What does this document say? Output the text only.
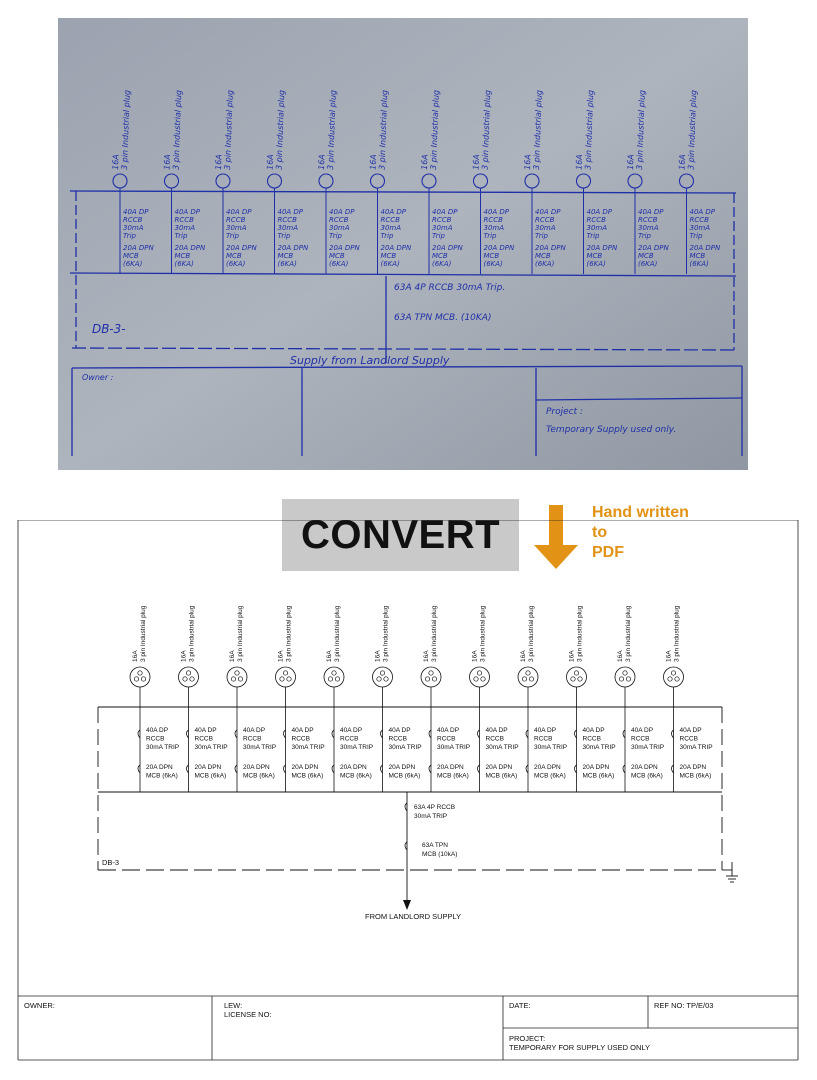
16A 3 pin Industrial plug
40A DP
RCCB
30mA
Trip
20A DPN
MCB
(6KA)
16A 3 pin Industrial plug
40A DP
RCCB
30mA
Trip
20A DPN
MCB
(6KA)
16A 3 pin Industrial plug
40A DP
RCCB
30mA
Trip
20A DPN
MCB
(6KA)
16A 3 pin Industrial plug
40A DP
RCCB
30mA
Trip
20A DPN
MCB
(6KA)
16A 3 pin Industrial plug
40A DP
RCCB
30mA
Trip
20A DPN
MCB
(6KA)
16A 3 pin Industrial plug
40A DP
RCCB
30mA
Trip
20A DPN
MCB
(6KA)
16A 3 pin Industrial plug
40A DP
RCCB
30mA
Trip
20A DPN
MCB
(6KA)
16A 3 pin Industrial plug
40A DP
RCCB
30mA
Trip
20A DPN
MCB
(6KA)
16A 3 pin Industrial plug
40A DP
RCCB
30mA
Trip
20A DPN
MCB
(6KA)
16A 3 pin Industrial plug
40A DP
RCCB
30mA
Trip
20A DPN
MCB
(6KA)
16A 3 pin Industrial plug
40A DP
RCCB
30mA
Trip
20A DPN
MCB
(6KA)
16A 3 pin Industrial plug
40A DP
RCCB
30mA
Trip
20A DPN
MCB
(6KA)
63A 4P RCCB 30mA Trip.
63A TPN MCB. (10KA)
DB-3-
Supply from Landlord Supply
Owner :
Project :
Temporary Supply used only.
CONVERT	Hand written
to
PDF
63A 4P RCCB
30mA TRIP
63A TPN
MCB (10kA)
DB-3
FROM LANDLORD SUPPLY
16A 3 pin Industrial plug
40A DP
RCCB
30mA TRIP
20A DPN
MCB (6kA)
16A 3 pin Industrial plug
40A DP
RCCB
30mA TRIP
20A DPN
MCB (6kA)
16A 3 pin Industrial plug
40A DP
RCCB
30mA TRIP
20A DPN
MCB (6kA)
16A 3 pin Industrial plug
40A DP
RCCB
30mA TRIP
20A DPN
MCB (6kA)
16A 3 pin Industrial plug
40A DP
RCCB
30mA TRIP
20A DPN
MCB (6kA)
16A 3 pin Industrial plug
40A DP
RCCB
30mA TRIP
20A DPN
MCB (6kA)
16A 3 pin Industrial plug
40A DP
RCCB
30mA TRIP
20A DPN
MCB (6kA)
16A 3 pin Industrial plug
40A DP
RCCB
30mA TRIP
20A DPN
MCB (6kA)
16A 3 pin Industrial plug
40A DP
RCCB
30mA TRIP
20A DPN
MCB (6kA)
16A 3 pin Industrial plug
40A DP
RCCB
30mA TRIP
20A DPN
MCB (6kA)
16A 3 pin Industrial plug
40A DP
RCCB
30mA TRIP
20A DPN
MCB (6kA)
16A 3 pin Industrial plug
40A DP
RCCB
30mA TRIP
20A DPN
MCB (6kA)
OWNER:	LEW:
LICENSE NO:
DATE:	REF NO: TP/E/03
PROJECT:
TEMPORARY FOR SUPPLY USED ONLY
